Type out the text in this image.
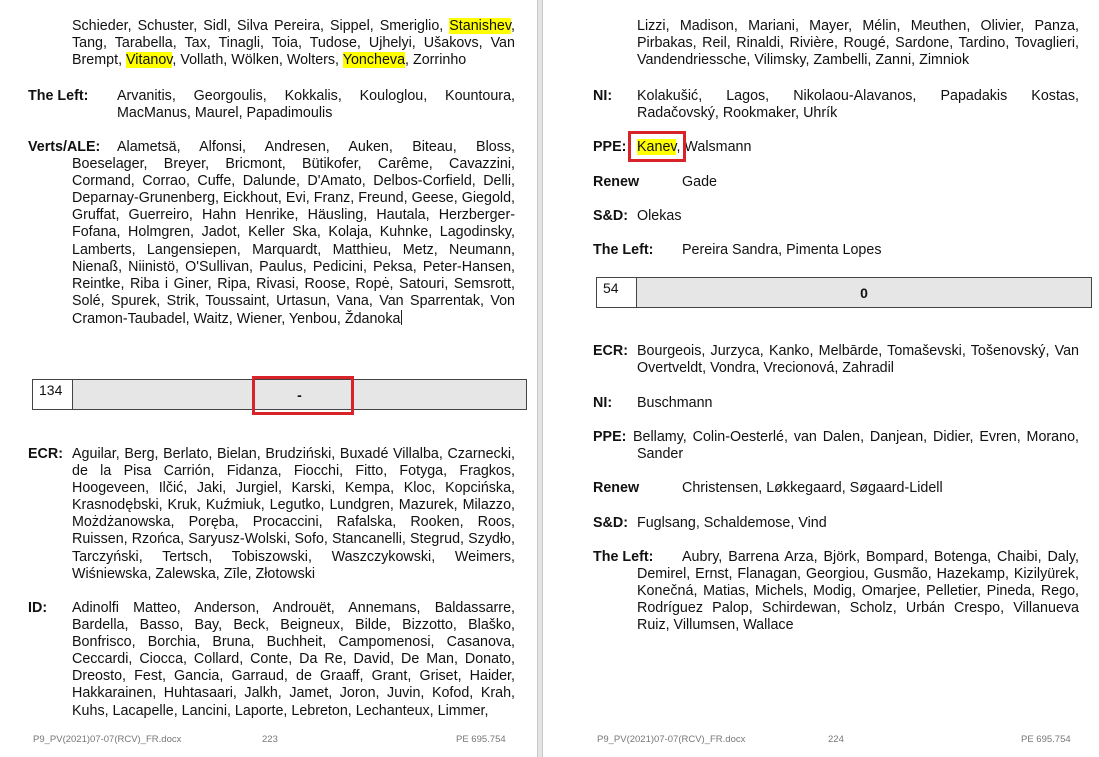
Schieder, Schuster, Sidl, Silva Pereira, Sippel, Smeriglio, Stanishev, Tang, Tarabella, Tax, Tinagli, Toia, Tudose, Ujhelyi, Ušakovs, Van Brempt, Vitanov, Vollath, Wölken, Wolters, Yoncheva, Zorrinho
The Left: Arvanitis, Georgoulis, Kokkalis, Kouloglou, Kountoura, MacManus, Maurel, Papadimoulis
Verts/ALE:	Alametsä, Alfonsi, Andresen, Auken, Biteau, Bloss, Boeselager, Breyer, Bricmont, Bütikofer, Carême, Cavazzini, Cormand, Corrao, Cuffe, Dalunde, D'Amato, Delbos-Corfield, Delli, Deparnay-Grunenberg, Eickhout, Evi, Franz, Freund, Geese, Giegold, Gruffat, Guerreiro, Hahn Henrike, Häusling, Hautala, Herzberger-Fofana, Holmgren, Jadot, Keller Ska, Kolaja, Kuhnke, Lagodinsky, Lamberts, Langensiepen, Marquardt, Matthieu, Metz, Neumann, Nienaß, Niinistö, O'Sullivan, Paulus, Pedicini, Peksa, Peter-Hansen, Reintke, Riba i Giner, Ripa, Rivasi, Roose, Ropė, Satouri, Semsrott, Solé, Spurek, Strik, Toussaint, Urtasun, Vana, Van Sparrentak, Von Cramon-Taubadel, Waitz, Wiener, Yenbou, Ždanoka
134	-
ECR: Aguilar, Berg, Berlato, Bielan, Brudziński, Buxadé Villalba, Czarnecki, de la Pisa Carrión, Fidanza, Fiocchi, Fitto, Fotyga, Fragkos, Hoogeveen, Ilčić, Jaki, Jurgiel, Karski, Kempa, Kloc, Kopcińska, Krasnodębski, Kruk, Kuźmiuk, Legutko, Lundgren, Mazurek, Milazzo, Możdżanowska, Poręba, Procaccini, Rafalska, Rooken, Roos, Ruissen, Rzońca, Saryusz-Wolski, Sofo, Stancanelli, Stegrud, Szydło, Tarczyński, Tertsch, Tobiszowski, Waszczykowski, Weimers, Wiśniewska, Zalewska, Zīle, Złotowski
ID: Adinolfi Matteo, Anderson, Androuët, Annemans, Baldassarre, Bardella, Basso, Bay, Beck, Beigneux, Bilde, Bizzotto, Blaško, Bonfrisco, Borchia, Bruna, Buchheit, Campomenosi, Casanova, Ceccardi, Ciocca, Collard, Conte, Da Re, David, De Man, Donato, Dreosto, Fest, Gancia, Garraud, de Graaff, Grant, Griset, Haider, Hakkarainen, Huhtasaari, Jalkh, Jamet, Joron, Juvin, Kofod, Krah, Kuhs, Lacapelle, Lancini, Laporte, Lebreton, Lechanteux, Limmer,
P9_PV(2021)07-07(RCV)_FR.docx	223	PE 695.754
Lizzi, Madison, Mariani, Mayer, Mélin, Meuthen, Olivier, Panza, Pirbakas, Reil, Rinaldi, Rivière, Rougé, Sardone, Tardino, Tovaglieri, Vandendriessche, Vilimsky, Zambelli, Zanni, Zimniok
NI: Kolakušić, Lagos, Nikolaou-Alavanos, Papadakis Kostas, Radačovský, Rookmaker, Uhrík
PPE: Kanev, Walsmann
Renew	Gade
S&D: Olekas
The Left: Pereira Sandra, Pimenta Lopes
54	0
ECR: Bourgeois, Jurzyca, Kanko, Melbārde, Tomaševski, Tošenovský, Van Overtveldt, Vondra, Vrecionová, Zahradil
NI: Buschmann
PPE: Bellamy, Colin-Oesterlé, van Dalen, Danjean, Didier, Evren, Morano, Sander
Renew	Christensen, Løkkegaard, Søgaard-Lidell
S&D: Fuglsang, Schaldemose, Vind
The Left:	Aubry, Barrena Arza, Björk, Bompard, Botenga, Chaibi, Daly, Demirel, Ernst, Flanagan, Georgiou, Gusmão, Hazekamp, Kizilyürek, Konečná, Matias, Michels, Modig, Omarjee, Pelletier, Pineda, Rego, Rodríguez Palop, Schirdewan, Scholz, Urbán Crespo, Villanueva Ruiz, Villumsen, Wallace
P9_PV(2021)07-07(RCV)_FR.docx	224	PE 695.754
